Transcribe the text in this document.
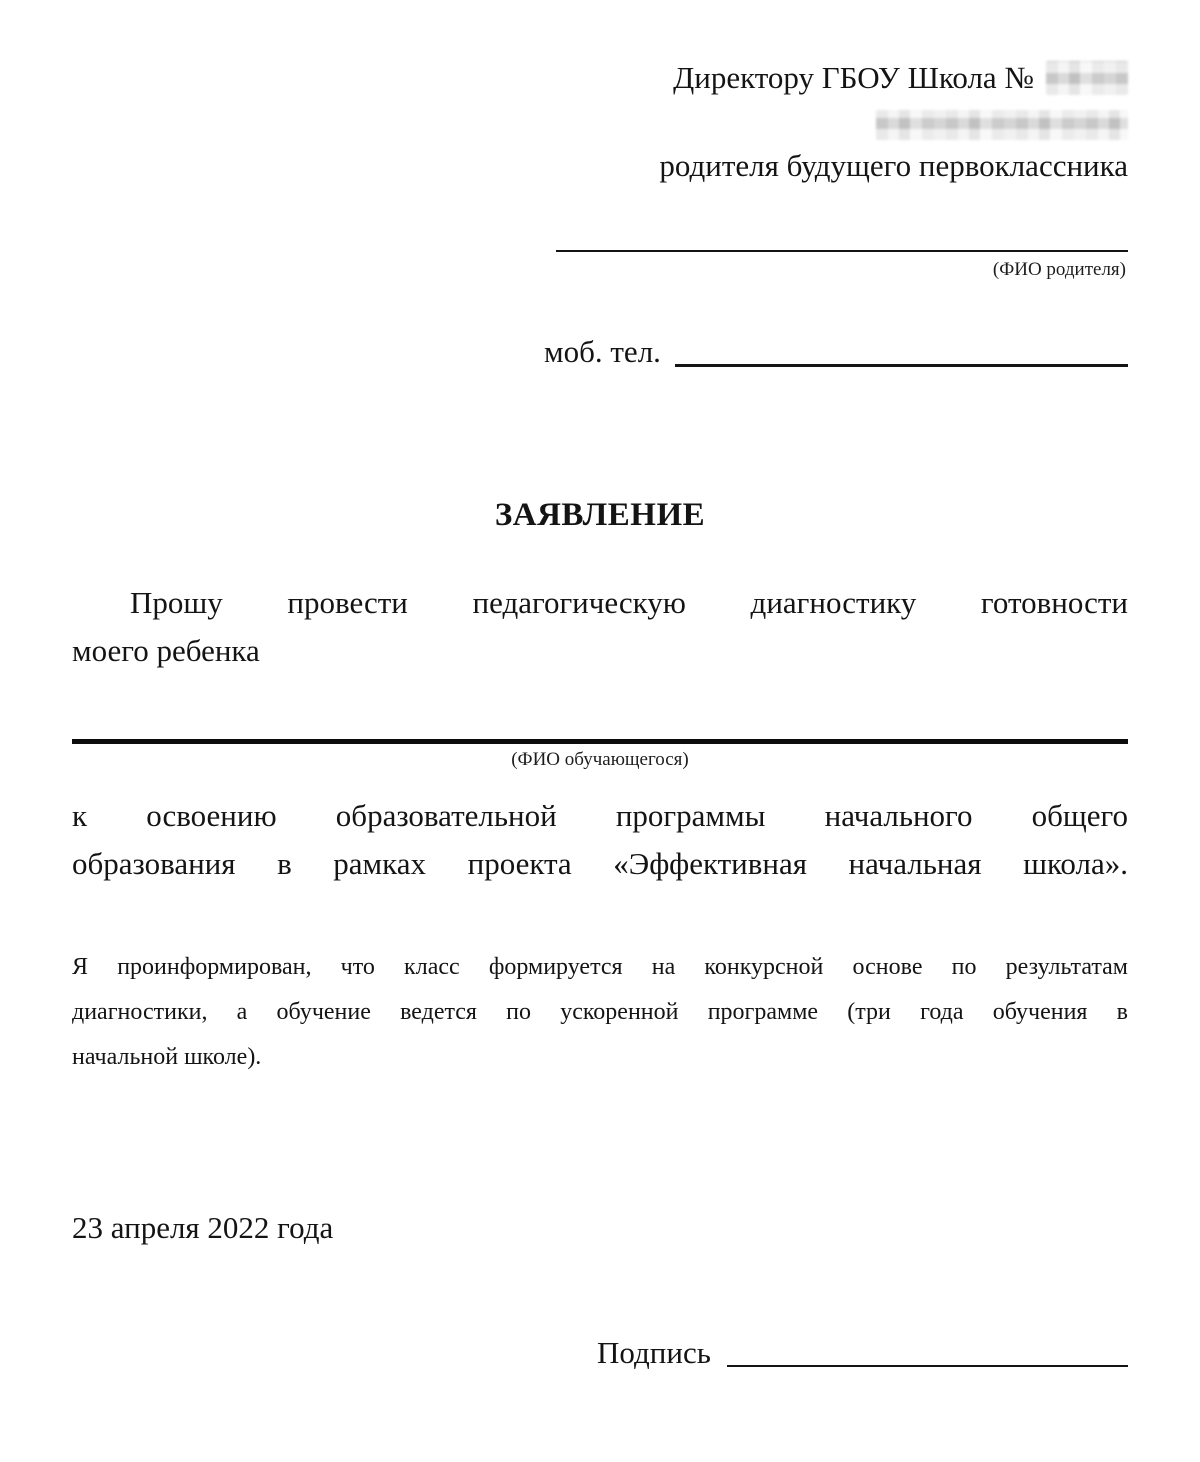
Директору ГБОУ Школа №
родителя будущего первоклассника
(ФИО родителя)
моб. тел.
ЗАЯВЛЕНИЕ
Прошу провести педагогическую диагностику готовности
моего ребенка
(ФИО обучающегося)
к освоению образовательной программы начального общего
образования в рамках проекта «Эффективная начальная школа».
Я проинформирован, что класс формируется на конкурсной основе по результатам
диагностики, а обучение ведется по ускоренной программе (три года обучения в
начальной школе).
23 апреля 2022 года
Подпись
